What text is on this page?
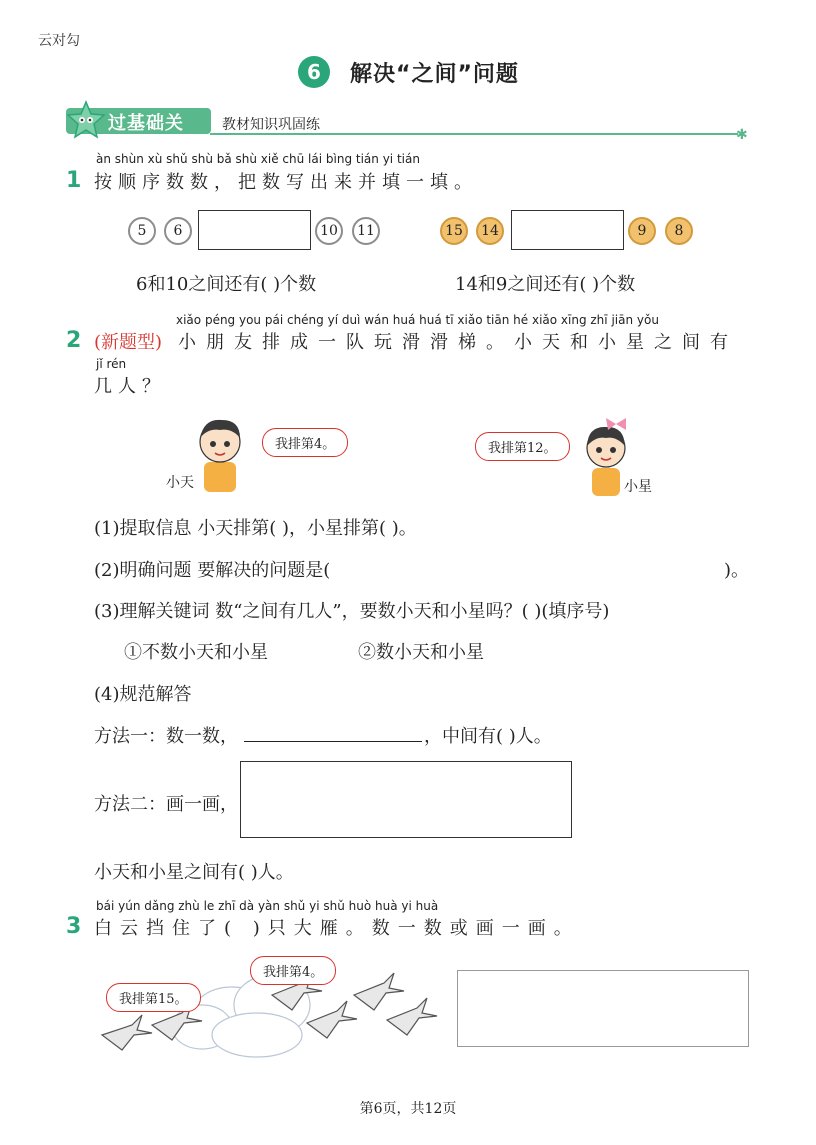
云对勾
6	解决“之间”问题
过基础关	教材知识巩固练
✱
1
àn shùn xù shǔ shù bǎ shù xiě chū lái bìng tián yi tián
按顺序数数，把数写出来并填一填。
5	6	10	11	15	14	9	8
6和10之间还有( )个数	14和9之间还有( )个数
2 (新题型)
xiǎo péng you pái chéng yí duì wán huá huá tī xiǎo tiān hé xiǎo xīng zhī jiān yǒu
小朋友排成一队玩滑滑梯。小天和小星之间有
jǐ rén
几人？
我排第4。
小天
我排第12。
小星
(1)提取信息 小天排第( )，小星排第( )。
(2)明确问题 要解决的问题是(	)。
(3)理解关键词 数“之间有几人”，要数小天和小星吗？( )(填序号)
①不数小天和小星	②数小天和小星
(4)规范解答
方法一：数一数，	，中间有( )人。
方法二：画一画，
小天和小星之间有( )人。
3
bái yún dǎng zhù le zhī dà yàn shǔ yi shǔ huò huà yi huà
白云挡住了( )只大雁。数一数或画一画。
我排第15。
我排第4。
第6页，共12页
